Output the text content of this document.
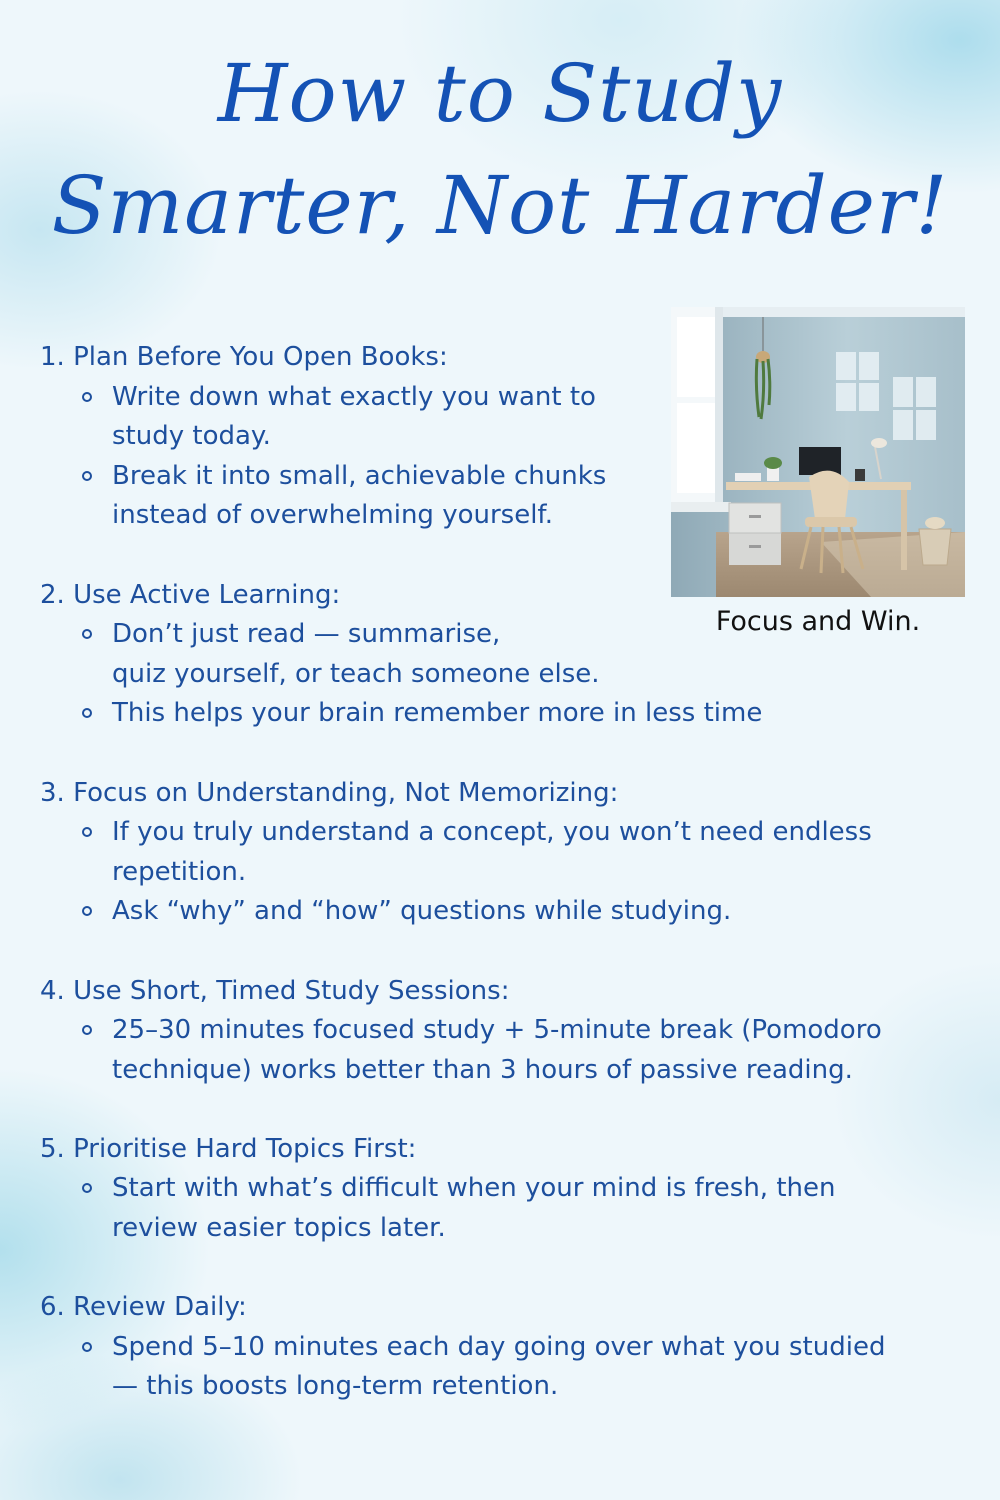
How to Study
Smarter, Not Harder!
Focus and Win.

1. Plan Before You Open Books:

Write down what exactly you want to
study today.
Break it into small, achievable chunks
instead of overwhelming yourself.

2. Use Active Learning:

Don’t just read — summarise,
quiz yourself, or teach someone else.
This helps your brain remember more in less time

3. Focus on Understanding, Not Memorizing:

If you truly understand a concept, you won’t need endless
repetition.
Ask “why” and “how” questions while studying.

4. Use Short, Timed Study Sessions:

25–30 minutes focused study + 5-minute break (Pomodoro
technique) works better than 3 hours of passive reading.

5. Prioritise Hard Topics First:

Start with what’s difficult when your mind is fresh, then
review easier topics later.

6. Review Daily:

Spend 5–10 minutes each day going over what you studied
— this boosts long-term retention.
